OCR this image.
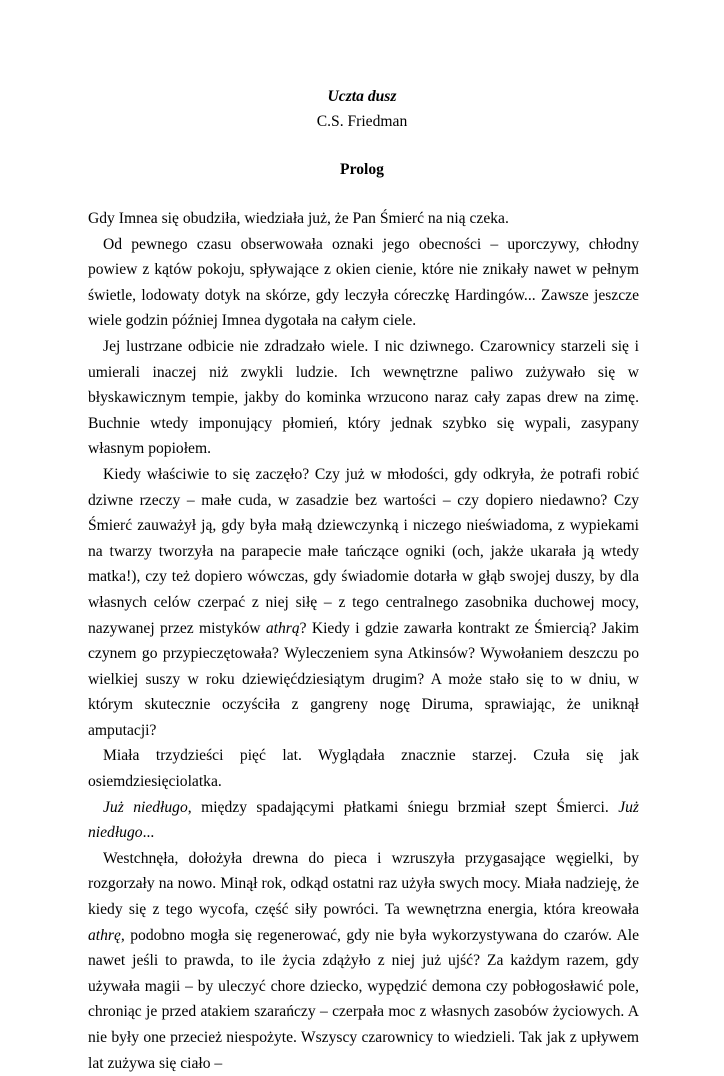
Uczta dusz
C.S. Friedman
Prolog

Gdy Imnea się obudziła, wiedziała już, że Pan Śmierć na nią czeka.

Od pewnego czasu obserwowała oznaki jego obecności – uporczywy, chłodny powiew z kątów pokoju, spływające z okien cienie, które nie znikały nawet w pełnym świetle, lodowaty dotyk na skórze, gdy leczyła córeczkę Hardingów... Zawsze jeszcze wiele godzin później Imnea dygotała na całym ciele.

Jej lustrzane odbicie nie zdradzało wiele. I nic dziwnego. Czarownicy starzeli się i umierali inaczej niż zwykli ludzie. Ich wewnętrzne paliwo zużywało się w błyskawicznym tempie, jakby do kominka wrzucono naraz cały zapas drew na zimę. Buchnie wtedy imponujący płomień, który jednak szybko się wypali, zasypany własnym popiołem.

Kiedy właściwie to się zaczęło? Czy już w młodości, gdy odkryła, że potrafi robić dziwne rzeczy – małe cuda, w zasadzie bez wartości – czy dopiero niedawno? Czy Śmierć zauważył ją, gdy była małą dziewczynką i niczego nieświadoma, z wypiekami na twarzy tworzyła na parapecie małe tańczące ogniki (och, jakże ukarała ją wtedy matka!), czy też dopiero wówczas, gdy świadomie dotarła w głąb swojej duszy, by dla własnych celów czerpać z niej siłę – z tego centralnego zasobnika duchowej mocy, nazywanej przez mistyków athrą? Kiedy i gdzie zawarła kontrakt ze Śmiercią? Jakim czynem go przypieczętowała? Wyleczeniem syna Atkinsów? Wywołaniem deszczu po wielkiej suszy w roku dziewięćdziesiątym drugim? A może stało się to w dniu, w którym skutecznie oczyściła z gangreny nogę Diruma, sprawiając, że uniknął amputacji?

Miała trzydzieści pięć lat. Wyglądała znacznie starzej. Czuła się jak osiemdziesięciolatka.

Już niedługo, między spadającymi płatkami śniegu brzmiał szept Śmierci. Już niedługo...

Westchnęła, dołożyła drewna do pieca i wzruszyła przygasające węgielki, by rozgorzały na nowo. Minął rok, odkąd ostatni raz użyła swych mocy. Miała nadzieję, że kiedy się z tego wycofa, część siły powróci. Ta wewnętrzna energia, która kreowała athrę, podobno mogła się regenerować, gdy nie była wykorzystywana do czarów. Ale nawet jeśli to prawda, to ile życia zdążyło z niej już ujść? Za każdym razem, gdy używała magii – by uleczyć chore dziecko, wypędzić demona czy pobłogosławić pole, chroniąc je przed atakiem szarańczy – czerpała moc z własnych zasobów życiowych. A nie były one przecież niespożyte. Wszyscy czarownicy to wiedzieli. Tak jak z upływem lat zużywa się ciało –
